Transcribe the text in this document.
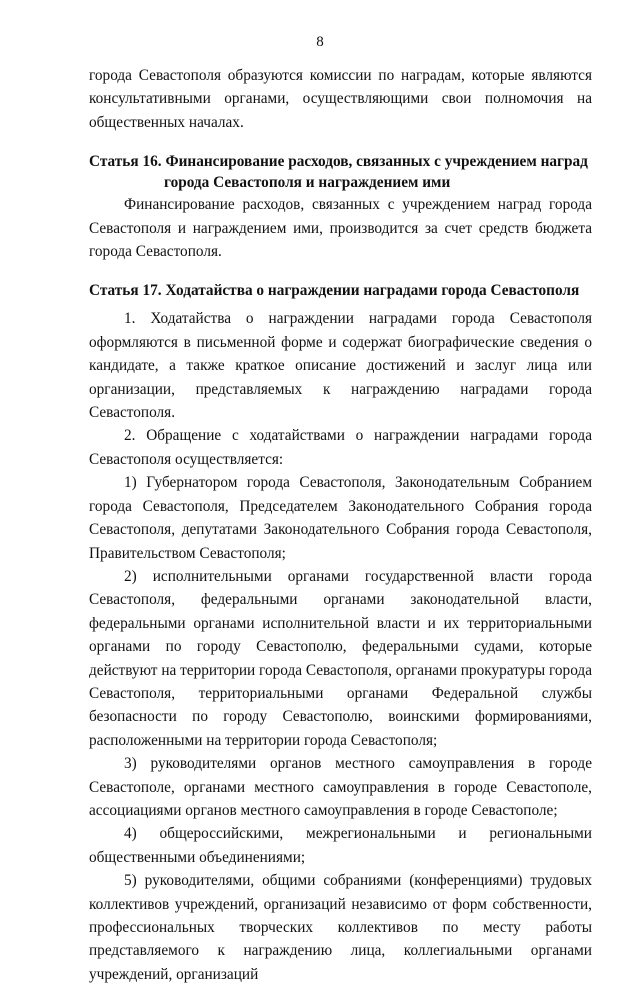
8

города Севастополя образуются комиссии по наградам, которые являются консультативными органами, осуществляющими свои полномочия на общественных началах.

Статья 16. Финансирование расходов, связанных с учреждением наград
города Севастополя и награждением ими

Финансирование расходов, связанных с учреждением наград города Севастополя и награждением ими, производится за счет средств бюджета города Севастополя.

Статья 17. Ходатайства о награждении наградами города Севастополя

1. Ходатайства о награждении наградами города Севастополя оформляются в письменной форме и содержат биографические сведения о кандидате, а также краткое описание достижений и заслуг лица или организации, представляемых к награждению наградами города Севастополя.

2. Обращение с ходатайствами о награждении наградами города Севастополя осуществляется:

1) Губернатором города Севастополя, Законодательным Собранием города Севастополя, Председателем Законодательного Собрания города Севастополя, депутатами Законодательного Собрания города Севастополя, Правительством Севастополя;

2) исполнительными органами государственной власти города Севастополя, федеральными органами законодательной власти, федеральными органами исполнительной власти и их территориальными органами по городу Севастополю, федеральными судами, которые действуют на территории города Севастополя, органами прокуратуры города Севастополя, территориальными органами Федеральной службы безопасности по городу Севастополю, воинскими формированиями, расположенными на территории города Севастополя;

3) руководителями органов местного самоуправления в городе Севастополе, органами местного самоуправления в городе Севастополе, ассоциациями органов местного самоуправления в городе Севастополе;

4) общероссийскими, межрегиональными и региональными общественными объединениями;

5) руководителями, общими собраниями (конференциями) трудовых коллективов учреждений, организаций независимо от форм собственности, профессиональных творческих коллективов по месту работы представляемого к награждению лица, коллегиальными органами учреждений, организаций
